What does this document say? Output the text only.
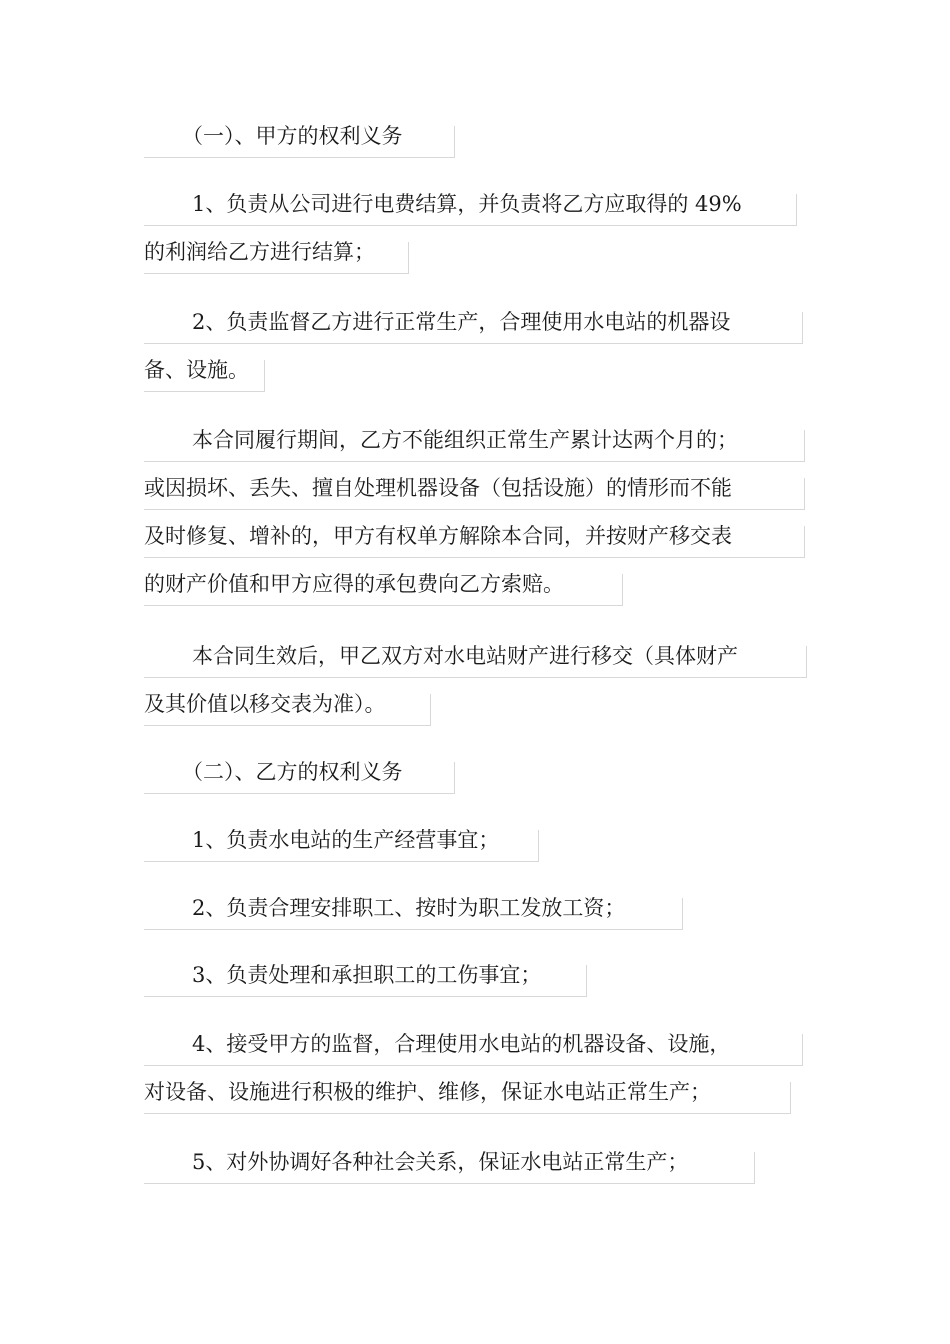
（一）、甲方的权利义务
1、负责从公司进行电费结算，并负责将乙方应取得的 49%
的利润给乙方进行结算；
2、负责监督乙方进行正常生产，合理使用水电站的机器设
备、设施。
本合同履行期间，乙方不能组织正常生产累计达两个月的；
或因损坏、丢失、擅自处理机器设备（包括设施）的情形而不能
及时修复、增补的，甲方有权单方解除本合同，并按财产移交表
的财产价值和甲方应得的承包费向乙方索赔。
本合同生效后，甲乙双方对水电站财产进行移交（具体财产
及其价值以移交表为准）。
（二）、乙方的权利义务
1、负责水电站的生产经营事宜；
2、负责合理安排职工、按时为职工发放工资；
3、负责处理和承担职工的工伤事宜；
4、接受甲方的监督，合理使用水电站的机器设备、设施，
对设备、设施进行积极的维护、维修，保证水电站正常生产；
5、对外协调好各种社会关系，保证水电站正常生产；
